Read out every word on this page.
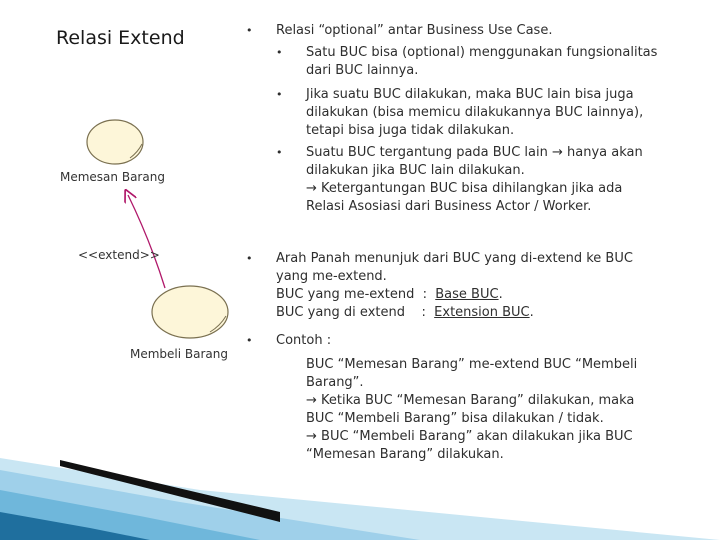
Relasi Extend
Memesan Barang
<<extend>>
Membeli Barang
•	Relasi “optional” antar Business Use Case.
•	Satu BUC bisa (optional) menggunakan fungsionalitas
dari BUC lainnya.
•	Jika suatu BUC dilakukan, maka BUC lain bisa juga
dilakukan (bisa memicu dilakukannya BUC lainnya),
tetapi bisa juga tidak dilakukan.
•	Suatu BUC tergantung pada BUC lain → hanya akan
dilakukan jika BUC lain dilakukan.
→ Ketergantungan BUC bisa dihilangkan jika ada
Relasi Asosiasi dari Business Actor / Worker.
•	Arah Panah menunjuk dari BUC yang di-extend ke BUC
yang me-extend.
BUC yang me-extend  :  Base BUC.
BUC yang di extend    :  Extension BUC.
•	Contoh :
BUC “Memesan Barang” me-extend BUC “Membeli
Barang”.
→ Ketika BUC “Memesan Barang” dilakukan, maka
BUC “Membeli Barang” bisa dilakukan / tidak.
→ BUC “Membeli Barang” akan dilakukan jika BUC
“Memesan Barang” dilakukan.
